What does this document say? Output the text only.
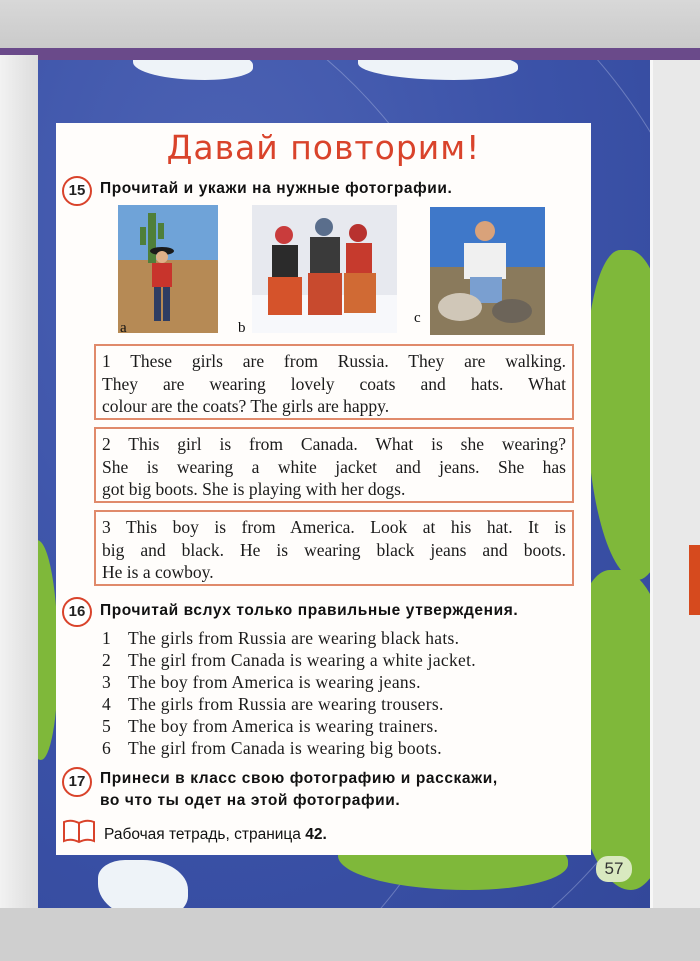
57
Давай повторим!
15 Прочитай и укажи на нужные фотографии.
a	b
c
1 These girls are from Russia. They are walking.
They are wearing lovely coats and hats. What
colour are the coats? The girls are happy.
2 This girl is from Canada. What is she wearing?
She is wearing a white jacket and jeans. She has
got big boots. She is playing with her dogs.
3 This boy is from America. Look at his hat. It is
big and black. He is wearing black jeans and boots.
He is a cowboy.
16 Прочитай вслух только правильные утверждения.
1 The girls from Russia are wearing black hats.
2 The girl from Canada is wearing a white jacket.
3 The boy from America is wearing jeans.
4 The girls from Russia are wearing trousers.
5 The boy from America is wearing trainers.
6 The girl from Canada is wearing big boots.
17 Принеси в класс свою фотографию и расскажи,
во что ты одет на этой фотографии.
Рабочая тетрадь, страница 42.
